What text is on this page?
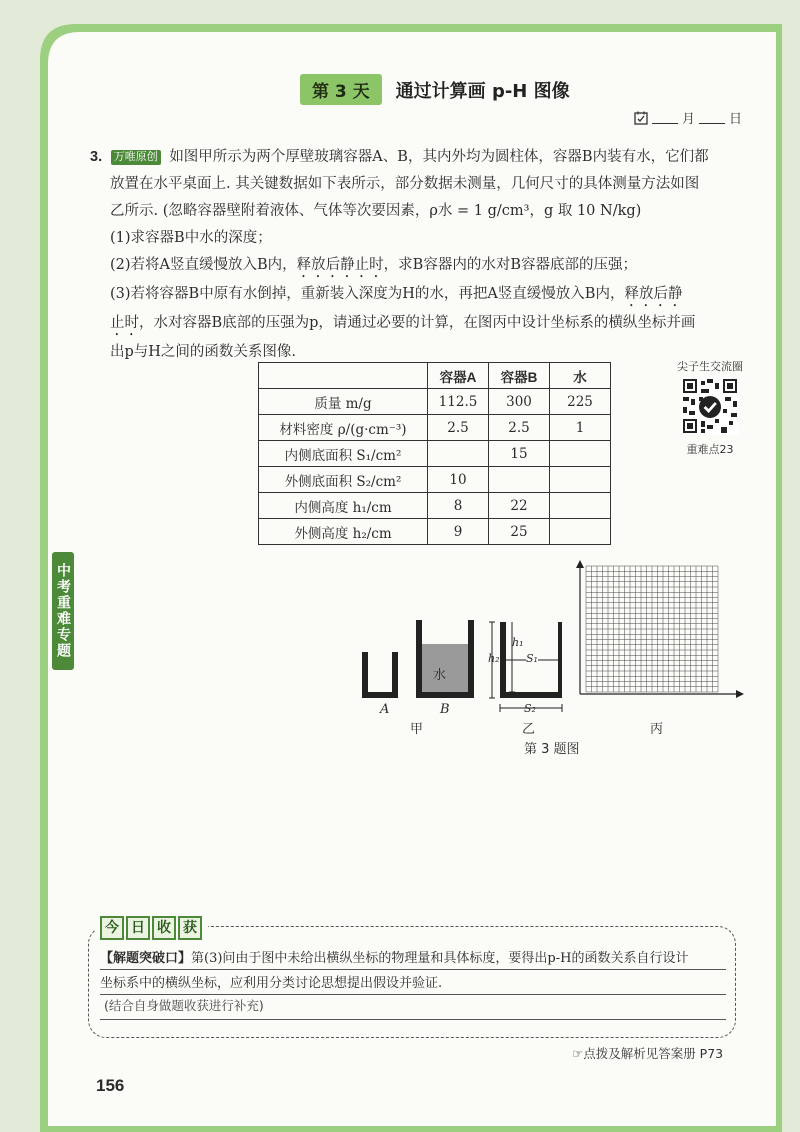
第 3 天	通过计算画 p-H 图像
月	日
3. 万唯原创 如图甲所示为两个厚壁玻璃容器A、B，其内外均为圆柱体，容器B内装有水，它们都
放置在水平桌面上. 其关键数据如下表所示，部分数据未测量，几何尺寸的具体测量方法如图
乙所示. (忽略容器壁附着液体、气体等次要因素，ρ水 = 1 g/cm³，g 取 10 N/kg)
(1)求容器B中水的深度；
(2)若将A竖直缓慢放入B内，释放后静止时，求B容器内的水对B容器底部的压强；
(3)若将容器B中原有水倒掉，重新装入深度为H的水，再把A竖直缓慢放入B内，释放后静
止时，水对容器B底部的压强为p，请通过必要的计算，在图丙中设计坐标系的横纵坐标并画
出p与H之间的函数关系图像.
	容器A	容器B	水
质量 m/g	112.5	300	225
材料密度 ρ/(g·cm⁻³)	2.5	2.5	1
内侧底面积 S₁/cm²		15	
外侧底面积 S₂/cm²	10		
内侧高度 h₁/cm	8	22	
外侧高度 h₂/cm	9	25	
尖子生交流圈
重难点23
中考重难专题
A	B
水
甲	乙	丙
h₂
h₁
S₁
S₂
第 3 题图
今 日 收 获
【解题突破口】第(3)问由于图中未给出横纵坐标的物理量和具体标度，要得出p-H的函数关系自行设计
坐标系中的横纵坐标，应利用分类讨论思想提出假设并验证.
(结合自身做题收获进行补充)
☞点拨及解析见答案册 P73
156
